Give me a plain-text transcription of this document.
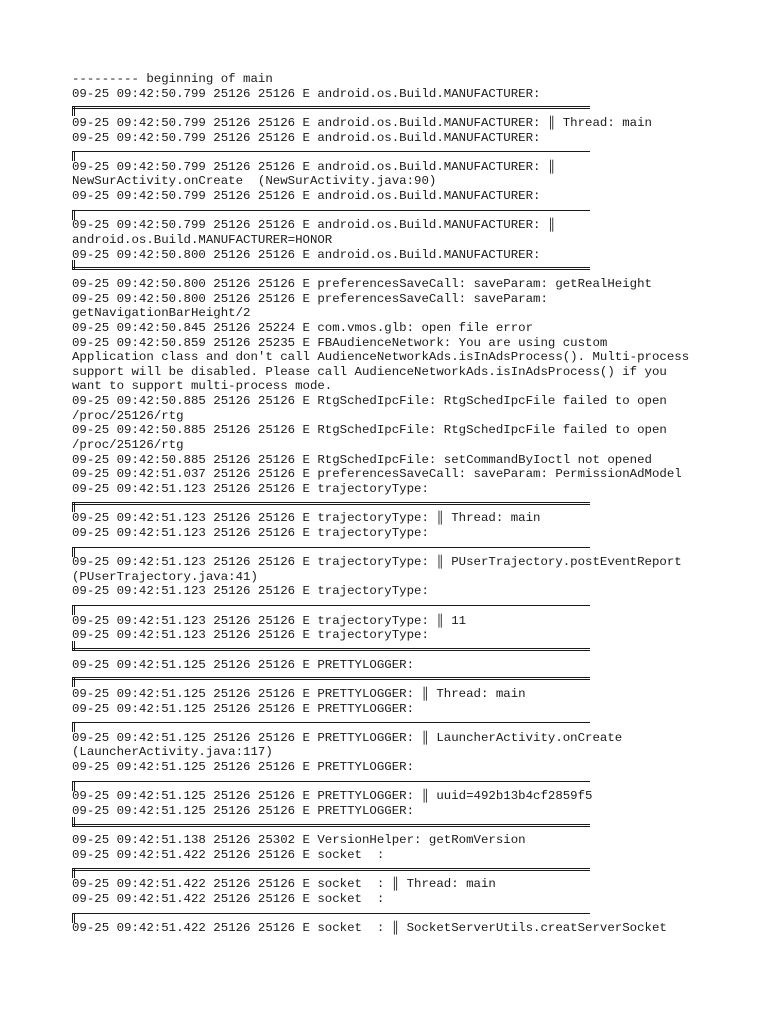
--------- beginning of main
09-25 09:42:50.799 25126 25126 E android.os.Build.MANUFACTURER:
09-25 09:42:50.799 25126 25126 E android.os.Build.MANUFACTURER: ║ Thread: main
09-25 09:42:50.799 25126 25126 E android.os.Build.MANUFACTURER:
09-25 09:42:50.799 25126 25126 E android.os.Build.MANUFACTURER: ║
NewSurActivity.onCreate  (NewSurActivity.java:90)
09-25 09:42:50.799 25126 25126 E android.os.Build.MANUFACTURER:
09-25 09:42:50.799 25126 25126 E android.os.Build.MANUFACTURER: ║
android.os.Build.MANUFACTURER=HONOR
09-25 09:42:50.800 25126 25126 E android.os.Build.MANUFACTURER:
09-25 09:42:50.800 25126 25126 E preferencesSaveCall: saveParam: getRealHeight
09-25 09:42:50.800 25126 25126 E preferencesSaveCall: saveParam:
getNavigationBarHeight/2
09-25 09:42:50.845 25126 25224 E com.vmos.glb: open file error
09-25 09:42:50.859 25126 25235 E FBAudienceNetwork: You are using custom
Application class and don't call AudienceNetworkAds.isInAdsProcess(). Multi-process
support will be disabled. Please call AudienceNetworkAds.isInAdsProcess() if you
want to support multi-process mode.
09-25 09:42:50.885 25126 25126 E RtgSchedIpcFile: RtgSchedIpcFile failed to open
/proc/25126/rtg
09-25 09:42:50.885 25126 25126 E RtgSchedIpcFile: RtgSchedIpcFile failed to open
/proc/25126/rtg
09-25 09:42:50.885 25126 25126 E RtgSchedIpcFile: setCommandByIoctl not opened
09-25 09:42:51.037 25126 25126 E preferencesSaveCall: saveParam: PermissionAdModel
09-25 09:42:51.123 25126 25126 E trajectoryType:
09-25 09:42:51.123 25126 25126 E trajectoryType: ║ Thread: main
09-25 09:42:51.123 25126 25126 E trajectoryType:
09-25 09:42:51.123 25126 25126 E trajectoryType: ║ PUserTrajectory.postEventReport
(PUserTrajectory.java:41)
09-25 09:42:51.123 25126 25126 E trajectoryType:
09-25 09:42:51.123 25126 25126 E trajectoryType: ║ 11
09-25 09:42:51.123 25126 25126 E trajectoryType:
09-25 09:42:51.125 25126 25126 E PRETTYLOGGER:
09-25 09:42:51.125 25126 25126 E PRETTYLOGGER: ║ Thread: main
09-25 09:42:51.125 25126 25126 E PRETTYLOGGER:
09-25 09:42:51.125 25126 25126 E PRETTYLOGGER: ║ LauncherActivity.onCreate
(LauncherActivity.java:117)
09-25 09:42:51.125 25126 25126 E PRETTYLOGGER:
09-25 09:42:51.125 25126 25126 E PRETTYLOGGER: ║ uuid=492b13b4cf2859f5
09-25 09:42:51.125 25126 25126 E PRETTYLOGGER:
09-25 09:42:51.138 25126 25302 E VersionHelper: getRomVersion
09-25 09:42:51.422 25126 25126 E socket  :
09-25 09:42:51.422 25126 25126 E socket  : ║ Thread: main
09-25 09:42:51.422 25126 25126 E socket  :
09-25 09:42:51.422 25126 25126 E socket  : ║ SocketServerUtils.creatServerSocket
